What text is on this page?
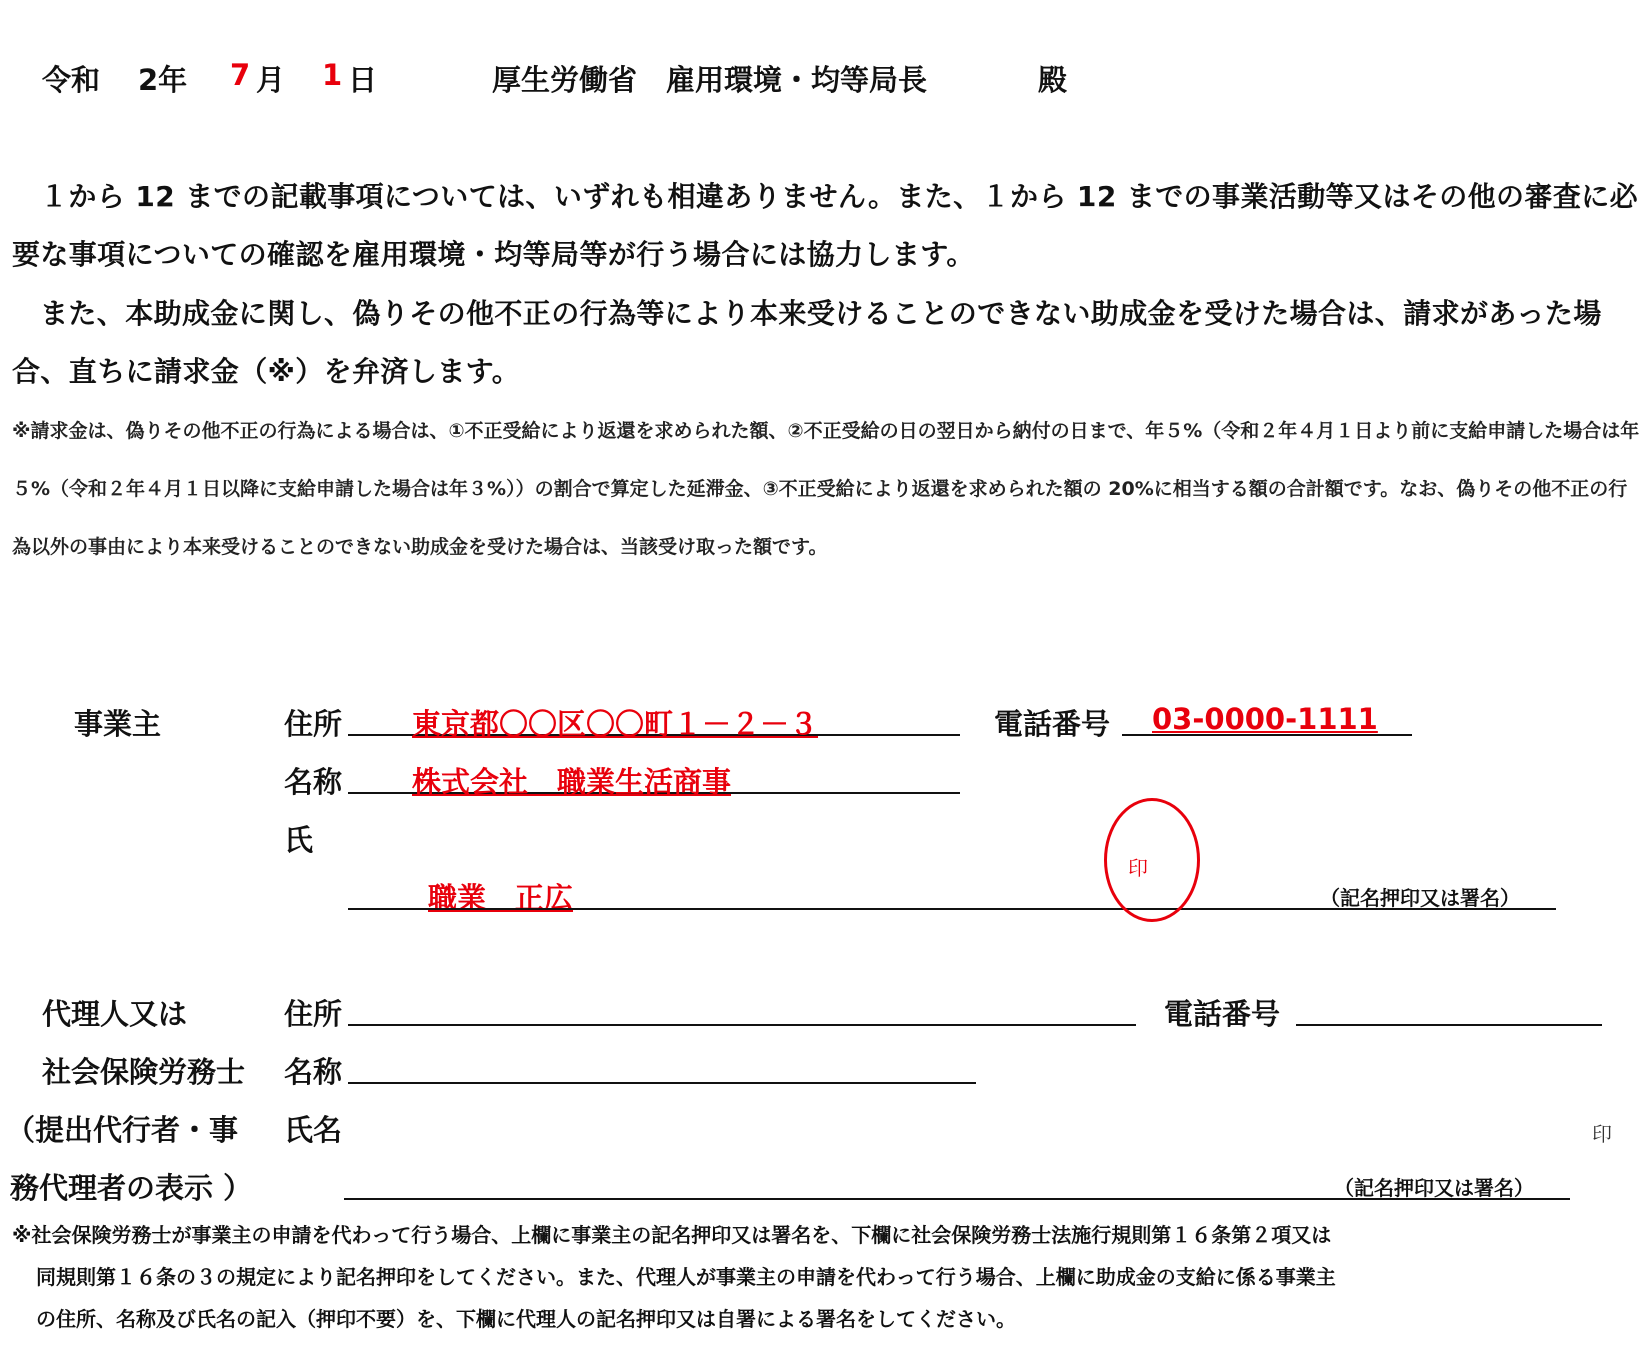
令和 2年 7 月 1 日	厚生労働省　雇用環境・均等局長	殿
１から 12 までの記載事項については、いずれも相違ありません。また、１から 12 までの事業活動等又はその他の審査に必要な事項についての確認を雇用環境・均等局等が行う場合には協力します。
また、本助成金に関し、偽りその他不正の行為等により本来受けることのできない助成金を受けた場合は、請求があった場合、直ちに請求金（※）を弁済します。
※請求金は、偽りその他不正の行為による場合は、①不正受給により返還を求められた額、②不正受給の日の翌日から納付の日まで、年５%（令和２年４月１日より前に支給申請した場合は年５%（令和２年４月１日以降に支給申請した場合は年３%））の割合で算定した延滞金、③不正受給により返還を求められた額の 20%に相当する額の合計額です。なお、偽りその他不正の行為以外の事由により本来受けることのできない助成金を受けた場合は、当該受け取った額です。
事業主	住所 東京都〇〇区〇〇町１－２－３	電話番号 03-0000-1111
名称 株式会社　職業生活商事
氏
職業　正広
印
（記名押印又は署名）
代理人又は
社会保険労務士
（提出代行者・事
務代理者の表示 ）
住所	電話番号
名称
氏名	印
（記名押印又は署名）
※社会保険労務士が事業主の申請を代わって行う場合、上欄に事業主の記名押印又は署名を、下欄に社会保険労務士法施行規則第１６条第２項又は
同規則第１６条の３の規定により記名押印をしてください。また、代理人が事業主の申請を代わって行う場合、上欄に助成金の支給に係る事業主
の住所、名称及び氏名の記入（押印不要）を、下欄に代理人の記名押印又は自署による署名をしてください。
